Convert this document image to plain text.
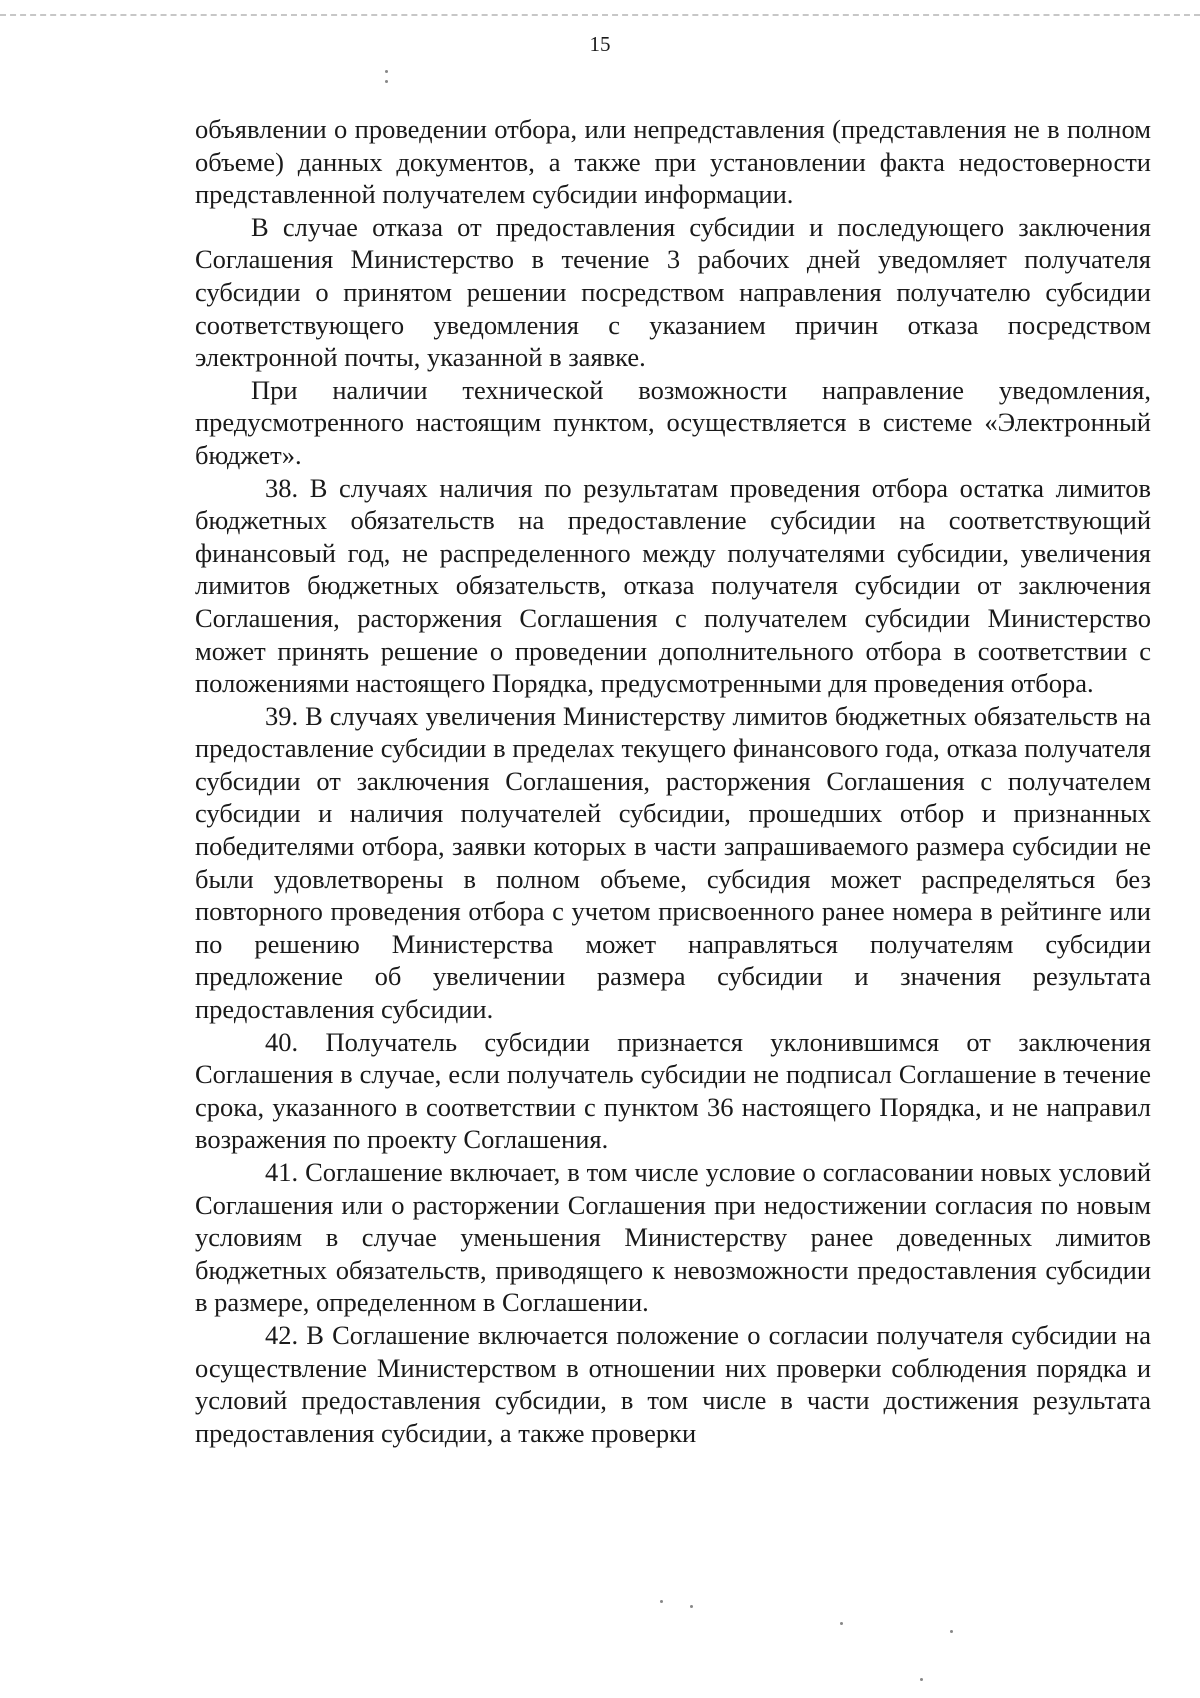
15

объявлении о проведении отбора, или непредставления (представления не в полном объеме) данных документов, а также при установлении факта недостоверности представленной получателем субсидии информации.

В случае отказа от предоставления субсидии и последующего заключения Соглашения Министерство в течение 3 рабочих дней уведомляет получателя субсидии о принятом решении посредством направления получателю субсидии соответствующего уведомления с указанием причин отказа посредством электронной почты, указанной в заявке.

При наличии технической возможности направление уведомления, предусмотренного настоящим пунктом, осуществляется в системе «Электронный бюджет».

38. В случаях наличия по результатам проведения отбора остатка лимитов бюджетных обязательств на предоставление субсидии на соответствующий финансовый год, не распределенного между получателями субсидии, увеличения лимитов бюджетных обязательств, отказа получателя субсидии от заключения Соглашения, расторжения Соглашения с получателем субсидии Министерство может принять решение о проведении дополнительного отбора в соответствии с положениями настоящего Порядка, предусмотренными для проведения отбора.

39. В случаях увеличения Министерству лимитов бюджетных обязательств на предоставление субсидии в пределах текущего финансового года, отказа получателя субсидии от заключения Соглашения, расторжения Соглашения с получателем субсидии и наличия получателей субсидии, прошедших отбор и признанных победителями отбора, заявки которых в части запрашиваемого размера субсидии не были удовлетворены в полном объеме, субсидия может распределяться без повторного проведения отбора с учетом присвоенного ранее номера в рейтинге или по решению Министерства может направляться получателям субсидии предложение об увеличении размера субсидии и значения результата предоставления субсидии.

40. Получатель субсидии признается уклонившимся от заключения Соглашения в случае, если получатель субсидии не подписал Соглашение в течение срока, указанного в соответствии с пунктом 36 настоящего Порядка, и не направил возражения по проекту Соглашения.

41. Соглашение включает, в том числе условие о согласовании новых условий Соглашения или о расторжении Соглашения при недостижении согласия по новым условиям в случае уменьшения Министерству ранее доведенных лимитов бюджетных обязательств, приводящего к невозможности предоставления субсидии в размере, определенном в Соглашении.

42. В Соглашение включается положение о согласии получателя субсидии на осуществление Министерством в отношении них проверки соблюдения порядка и условий предоставления субсидии, в том числе в части достижения результата предоставления субсидии, а также проверки
